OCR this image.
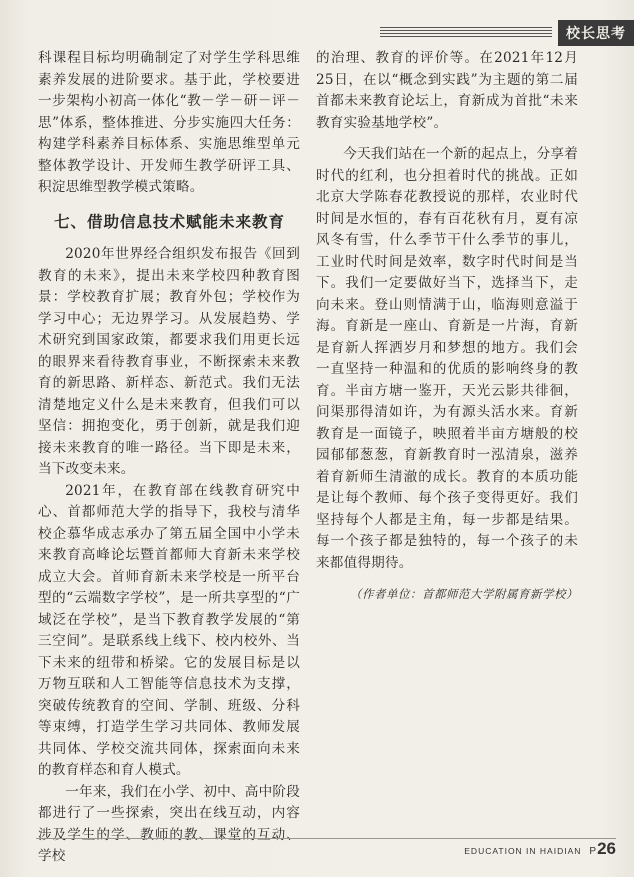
校长思考

科课程目标均明确制定了对学生学科思维素养发展的进阶要求。基于此，学校要进一步架构小初高一体化“教－学－研－评－思”体系，整体推进、分步实施四大任务：构建学科素养目标体系、实施思维型单元整体教学设计、开发师生教学研评工具、积淀思维型教学模式策略。

七、借助信息技术赋能未来教育

2020年世界经合组织发布报告《回到教育的未来》，提出未来学校四种教育图景：学校教育扩展；教育外包；学校作为学习中心；无边界学习。从发展趋势、学术研究到国家政策，都要求我们用更长远的眼界来看待教育事业，不断探索未来教育的新思路、新样态、新范式。我们无法清楚地定义什么是未来教育，但我们可以坚信：拥抱变化，勇于创新，就是我们迎接未来教育的唯一路径。当下即是未来，当下改变未来。

2021年，在教育部在线教育研究中心、首都师范大学的指导下，我校与清华校企慕华成志承办了第五届全国中小学未来教育高峰论坛暨首都师大育新未来学校成立大会。首师育新未来学校是一所平台型的“云端数字学校”，是一所共享型的“广域泛在学校”，是当下教育教学发展的“第三空间”。是联系线上线下、校内校外、当下未来的纽带和桥梁。它的发展目标是以万物互联和人工智能等信息技术为支撑，突破传统教育的空间、学制、班级、分科等束缚，打造学生学习共同体、教师发展共同体、学校交流共同体，探索面向未来的教育样态和育人模式。

一年来，我们在小学、初中、高中阶段都进行了一些探索，突出在线互动，内容涉及学生的学、教师的教、课堂的互动、学校

的治理、教育的评价等。在2021年12月25日，在以“概念到实践”为主题的第二届首都未来教育论坛上，育新成为首批“未来教育实验基地学校”。

今天我们站在一个新的起点上，分享着时代的红利，也分担着时代的挑战。正如北京大学陈春花教授说的那样，农业时代时间是水恒的，春有百花秋有月，夏有凉风冬有雪，什么季节干什么季节的事儿，工业时代时间是效率，数字时代时间是当下。我们一定要做好当下，选择当下，走向未来。登山则情满于山，临海则意溢于海。育新是一座山、育新是一片海，育新是育新人挥洒岁月和梦想的地方。我们会一直坚持一种温和的优质的影响终身的教育。半亩方塘一鉴开，天光云影共徘徊，问渠那得清如许，为有源头活水来。育新教育是一面镜子，映照着半亩方塘般的校园郁郁葱葱，育新教育时一泓清泉，滋养着育新师生清澈的成长。教育的本质功能是让每个教师、每个孩子变得更好。我们坚持每个人都是主角，每一步都是结果。每一个孩子都是独特的，每一个孩子的未来都值得期待。

（作者单位：首都师范大学附属育新学校）
EDUCATION IN HAIDIAN P26
